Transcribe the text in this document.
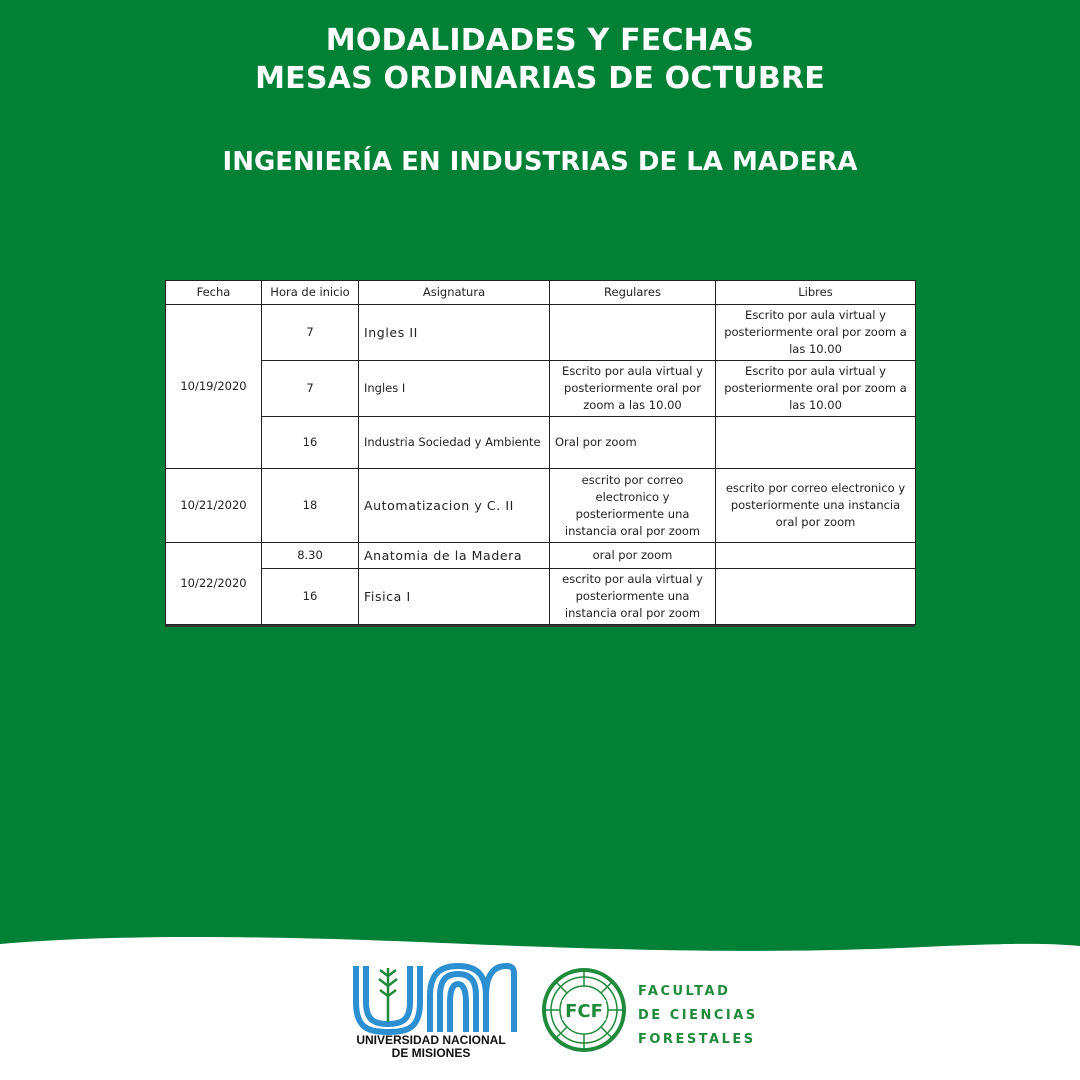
MODALIDADES Y FECHAS
MESAS ORDINARIAS DE OCTUBRE
INGENIERÍA EN INDUSTRIAS DE LA MADERA
Fecha	Hora de inicio	Asignatura	Regulares	Libres
10/19/2020	7	Ingles II		Escrito por aula virtual y posteriormente oral por zoom a las 10.00
	7	Ingles I	Escrito por aula virtual y posteriormente oral por zoom a las 10.00	Escrito por aula virtual y posteriormente oral por zoom a las 10.00
	16	Industria Sociedad y Ambiente	Oral por zoom	
10/21/2020	18	Automatizacion y C. II	escrito por correo electronico y posteriormente una instancia oral por zoom	escrito por correo electronico y posteriormente una instancia oral por zoom
10/22/2020	8.30	Anatomia de la Madera	oral por zoom	
	16	Fisica I	escrito por aula virtual y posteriormente una instancia oral por zoom	
UNIVERSIDAD NACIONAL
DE MISIONES
FCF
FACULTAD
DE CIENCIAS
FORESTALES
